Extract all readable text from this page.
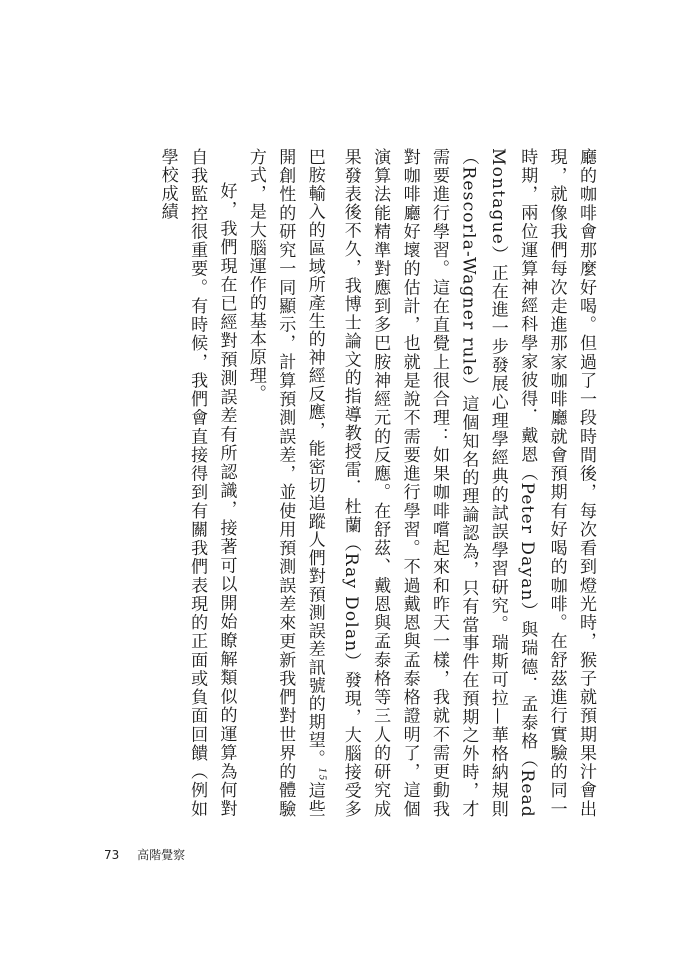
廳的咖啡會那麼好喝。但過了一段時間後，每次看到燈光時，猴子就預期果汁會出現，就像我們每次走進那家咖啡廳就會預期有好喝的咖啡。在舒茲進行實驗的同一時期，兩位運算神經科學家彼得．戴恩（Peter Dayan）與瑞德．孟泰格（Read Montague）正在進一步發展心理學經典的試誤學習研究。瑞斯可拉—華格納規則（Rescorla-Wagner rule）這個知名的理論認為，只有當事件在預期之外時，才需要進行學習。這在直覺上很合理：如果咖啡嚐起來和昨天一樣，我就不需更動我對咖啡廳好壞的估計，也就是說不需要進行學習。不過戴恩與孟泰格證明了，這個演算法能精準對應到多巴胺神經元的反應。在舒茲、戴恩與孟泰格等三人的研究成果發表後不久，我博士論文的指導教授雷．杜蘭（Ray Dolan）發現，大腦接受多巴胺輸入的區域所產生的神經反應，能密切追蹤人們對預測誤差訊號的期望。$^{15}$這些開創性的研究一同顯示，計算預測誤差，並使用預測誤差來更新我們對世界的體驗方式，是大腦運作的基本原理。

好，我們現在已經對預測誤差有所認識，接著可以開始瞭解類似的運算為何對自我監控很重要。有時候，我們會直接得到有關我們表現的正面或負面回饋（例如學校成績

73 高階覺察
